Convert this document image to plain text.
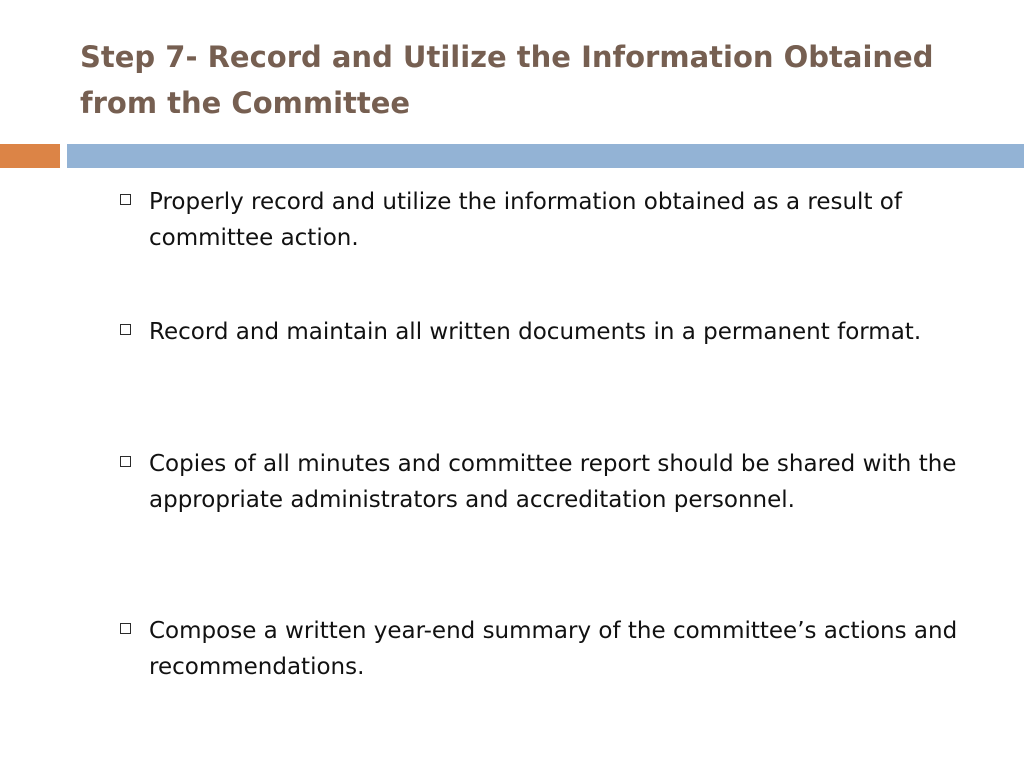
Step 7- Record and Utilize the Information Obtained from the Committee
Properly record and utilize the information obtained as a result of committee action.
Record and maintain all written documents in a permanent format.
Copies of all minutes and committee report should be shared with the appropriate administrators and accreditation personnel.
Compose a written year-end summary of the committee’s actions and recommendations.
